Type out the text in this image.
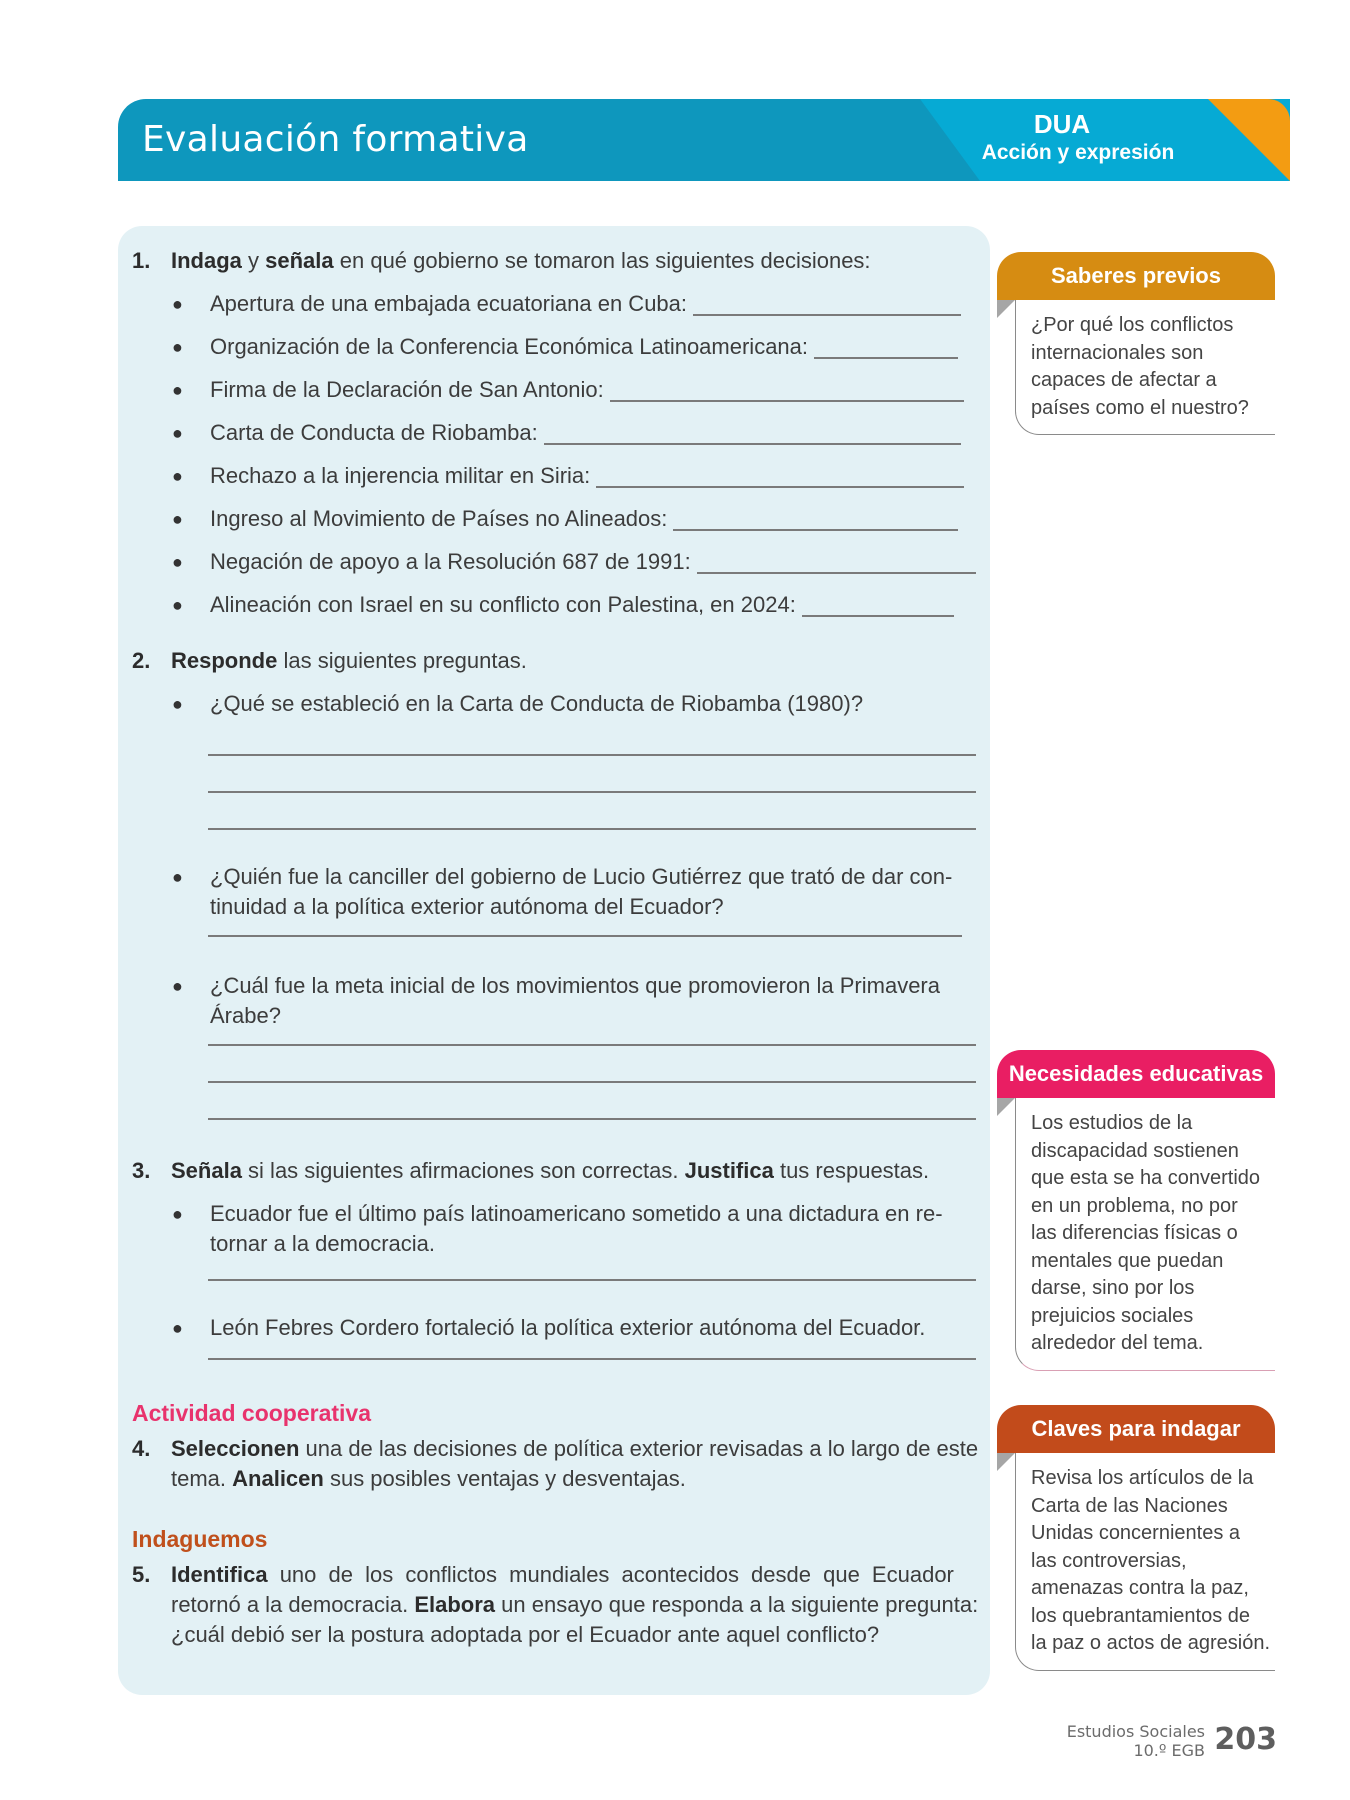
Evaluación formativa	DUA
Acción y expresión
1. Indaga y señala en qué gobierno se tomaron las siguientes decisiones:
● Apertura de una embajada ecuatoriana en Cuba:
● Organización de la Conferencia Económica Latinoamericana:
● Firma de la Declaración de San Antonio:
● Carta de Conducta de Riobamba:
● Rechazo a la injerencia militar en Siria:
● Ingreso al Movimiento de Países no Alineados:
● Negación de apoyo a la Resolución 687 de 1991:
● Alineación con Israel en su conflicto con Palestina, en 2024:
2. Responde las siguientes preguntas.
● ¿Qué se estableció en la Carta de Conducta de Riobamba (1980)?
● ¿Quién fue la canciller del gobierno de Lucio Gutiérrez que trató de dar con-
tinuidad a la política exterior autónoma del Ecuador?
● ¿Cuál fue la meta inicial de los movimientos que promovieron la Primavera
Árabe?
3. Señala si las siguientes afirmaciones son correctas. Justifica tus respuestas.
● Ecuador fue el último país latinoamericano sometido a una dictadura en re-
tornar a la democracia.
● León Febres Cordero fortaleció la política exterior autónoma del Ecuador.
Actividad cooperativa
4. Seleccionen una de las decisiones de política exterior revisadas a lo largo de este
tema. Analicen sus posibles ventajas y desventajas.
Indaguemos
5. Identifica uno de los conflictos mundiales acontecidos desde que Ecuador
retornó a la democracia. Elabora un ensayo que responda a la siguiente pregunta:
¿cuál debió ser la postura adoptada por el Ecuador ante aquel conflicto?
Saberes previos
¿Por qué los conflictos
internacionales son
capaces de afectar a
países como el nuestro?
Necesidades educativas
Los estudios de la
discapacidad sostienen
que esta se ha convertido
en un problema, no por
las diferencias físicas o
mentales que puedan
darse, sino por los
prejuicios sociales
alrededor del tema.
Claves para indagar
Revisa los artículos de la
Carta de las Naciones
Unidas concernientes a
las controversias,
amenazas contra la paz,
los quebrantamientos de
la paz o actos de agresión.
Estudios Sociales
10.º EGB 203
